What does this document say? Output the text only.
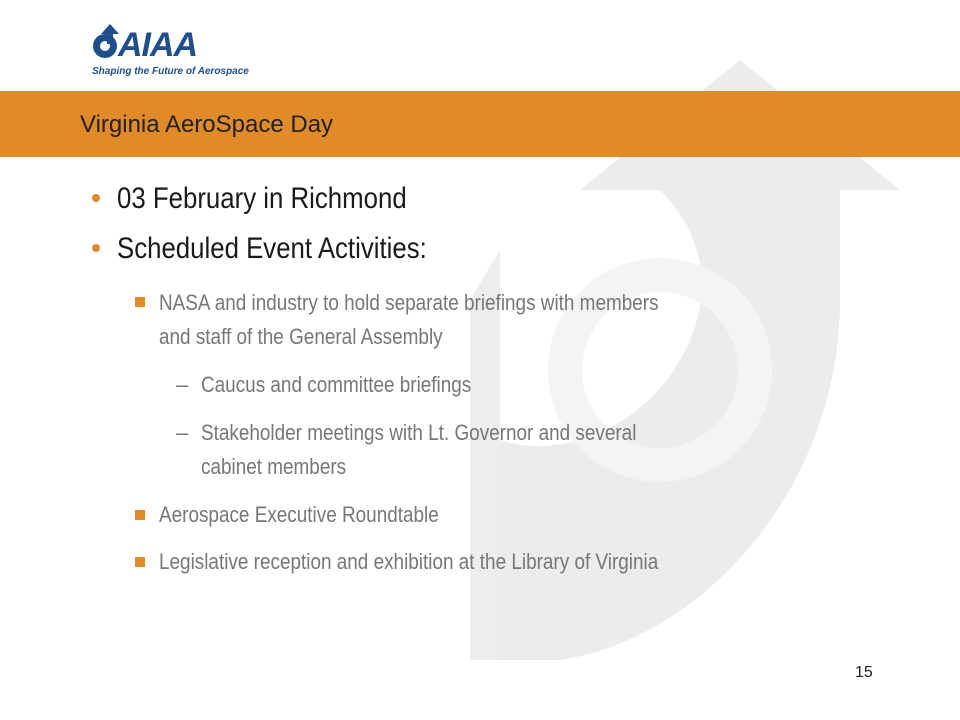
AIAA
Shaping the Future of Aerospace
Virginia AeroSpace Day
03 February in Richmond
Scheduled Event Activities:
NASA and industry to hold separate briefings with members
and staff of the General Assembly
– Caucus and committee briefings
– Stakeholder meetings with Lt. Governor and several
cabinet members
Aerospace Executive Roundtable
Legislative reception and exhibition at the Library of Virginia
15
